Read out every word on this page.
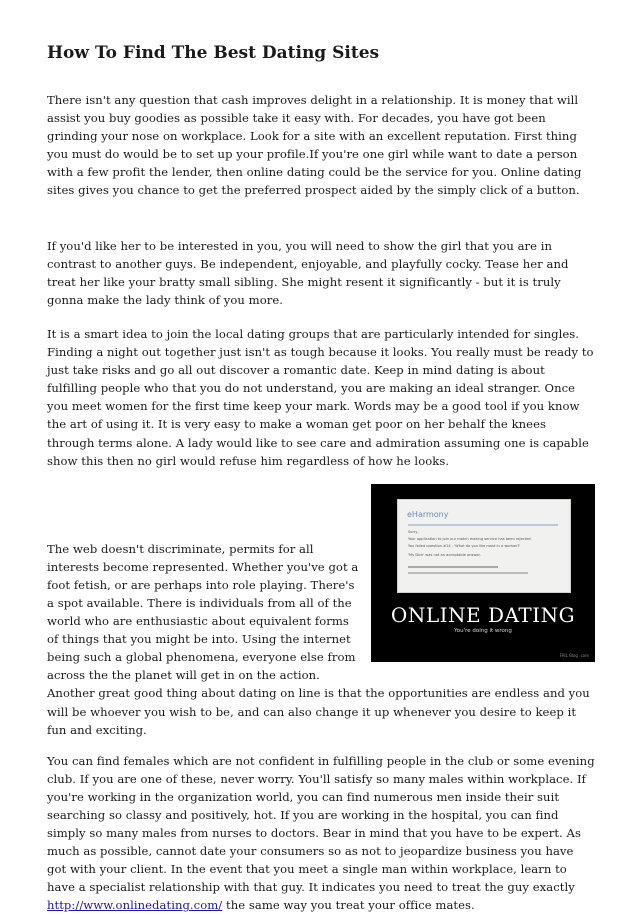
How To Find The Best Dating Sites

There isn't any question that cash improves delight in a relationship. It is money that will assist you buy goodies as possible take it easy with. For decades, you have got been grinding your nose on workplace. Look for a site with an excellent reputation. First thing you must do would be to set up your profile.If you're one girl while want to date a person with a few profit the lender, then online dating could be the service for you. Online dating sites gives you chance to get the preferred prospect aided by the simply click of a button.

If you'd like her to be interested in you, you will need to show the girl that you are in contrast to another guys. Be independent, enjoyable, and playfully cocky. Tease her and treat her like your bratty small sibling. She might resent it significantly - but it is truly gonna make the lady think of you more.

It is a smart idea to join the local dating groups that are particularly intended for singles. Finding a night out together just isn't as tough because it looks. You really must be ready to just take risks and go all out discover a romantic date. Keep in mind dating is about fulfilling people who that you do not understand, you are making an ideal stranger. Once you meet women for the first time keep your mark. Words may be a good tool if you know the art of using it. It is very easy to make a woman get poor on her behalf the knees through terms alone. A lady would like to see care and admiration assuming one is capable show this then no girl would refuse him regardless of how he looks.

eHarmony
Sorry,
Your application to join our match making service has been rejected.
You failed question #14 : 'What do you like most in a woman?'
'My Dick' was not an acceptable answer.
ONLINE DATING
You're doing it wrong
FAIL Blog .com

The web doesn't discriminate, permits for all interests become represented. Whether you've got a foot fetish, or are perhaps into role playing. There's a spot available. There is individuals from all of the world who are enthusiastic about equivalent forms of things that you might be into. Using the internet being such a global phenomena, everyone else from across the the planet will get in on the action. Another great good thing about dating on line is that the opportunities are endless and you will be whoever you wish to be, and can also change it up whenever you desire to keep it fun and exciting.

You can find females which are not confident in fulfilling people in the club or some evening club. If you are one of these, never worry. You'll satisfy so many males within workplace. If you're working in the organization world, you can find numerous men inside their suit searching so classy and positively, hot. If you are working in the hospital, you can find simply so many males from nurses to doctors. Bear in mind that you have to be expert. As much as possible, cannot date your consumers so as not to jeopardize business you have got with your client. In the event that you meet a single man within workplace, learn to have a specialist relationship with that guy. It indicates you need to treat the guy exactly http://www.onlinedating.com/ the same way you treat your office mates.
